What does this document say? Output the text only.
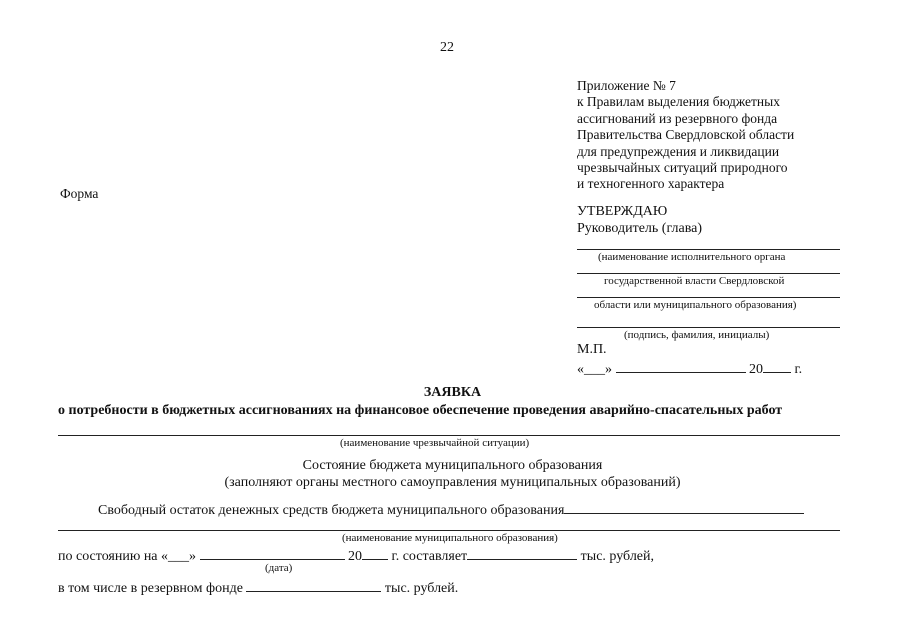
22
Приложение № 7
к Правилам выделения бюджетных
ассигнований из резервного фонда
Правительства Свердловской области
для предупреждения и ликвидации
чрезвычайных ситуаций природного
и техногенного характера
Форма
УТВЕРЖДАЮ
Руководитель (глава)
(наименование исполнительного органа
государственной власти Свердловской
области или муниципального образования)
(подпись, фамилия, инициалы)
М.П.
«___»	20 г.
ЗАЯВКА
о потребности в бюджетных ассигнованиях на финансовое обеспечение проведения аварийно-спасательных работ
(наименование чрезвычайной ситуации)
Состояние бюджета муниципального образования
(заполняют органы местного самоуправления муниципальных образований)
Свободный остаток денежных средств бюджета муниципального образования
(наименование муниципального образования)
по состоянию на «___»	20 г. составляет	тыс. рублей,
(дата)
в том числе в резервном фонде	тыс. рублей.
